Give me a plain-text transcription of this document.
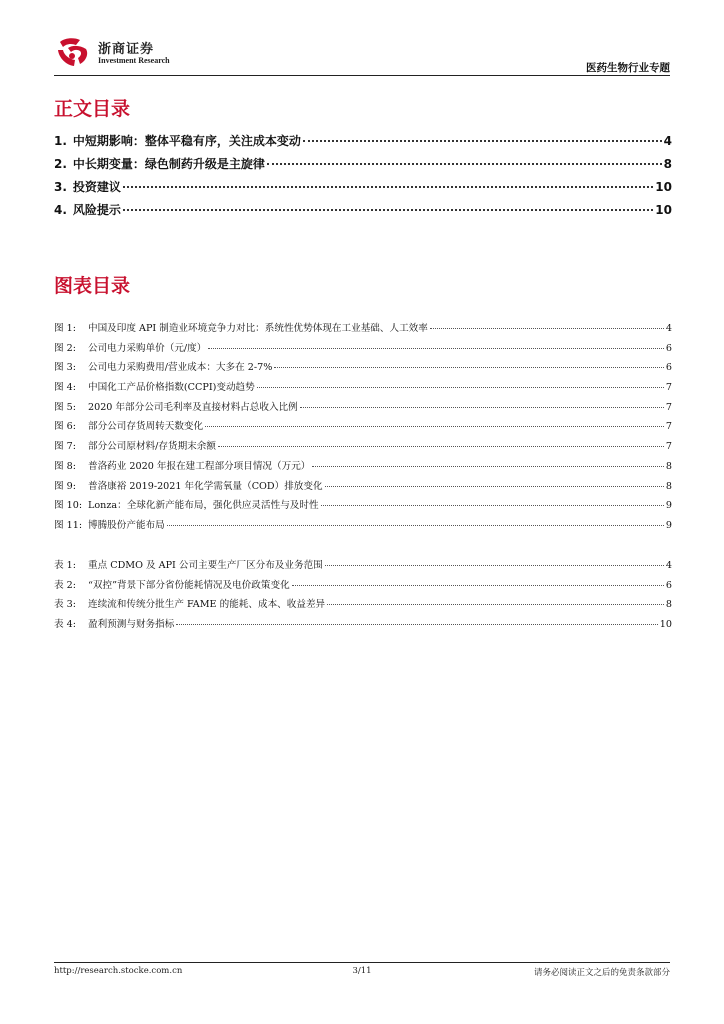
浙商证券
Investment Research
医药生物行业专题
正文目录
1. 中短期影响：整体平稳有序，关注成本变动	4
2. 中长期变量：绿色制药升级是主旋律	8
3. 投资建议	10
4. 风险提示	10
图表目录
图 1:	中国及印度 API 制造业环境竞争力对比：系统性优势体现在工业基础、人工效率	4
图 2:	公司电力采购单价（元/度）	6
图 3:	公司电力采购费用/营业成本：大多在 2-7%	6
图 4:	中国化工产品价格指数(CCPI)变动趋势	7
图 5:	2020 年部分公司毛利率及直接材料占总收入比例	7
图 6:	部分公司存货周转天数变化	7
图 7:	部分公司原材料/存货期末余额	7
图 8:	普洛药业 2020 年报在建工程部分项目情况（万元）	8
图 9:	普洛康裕 2019-2021 年化学需氧量（COD）排放变化	8
图 10: Lonza：全球化新产能布局，强化供应灵活性与及时性	9
图 11: 博腾股份产能布局	9
表 1:	重点 CDMO 及 API 公司主要生产厂区分布及业务范围	4
表 2:	“双控”背景下部分省份能耗情况及电价政策变化	6
表 3:	连续流和传统分批生产 FAME 的能耗、成本、收益差异	8
表 4:	盈利预测与财务指标	10
http://research.stocke.com.cn	3/11	请务必阅读正文之后的免责条款部分
